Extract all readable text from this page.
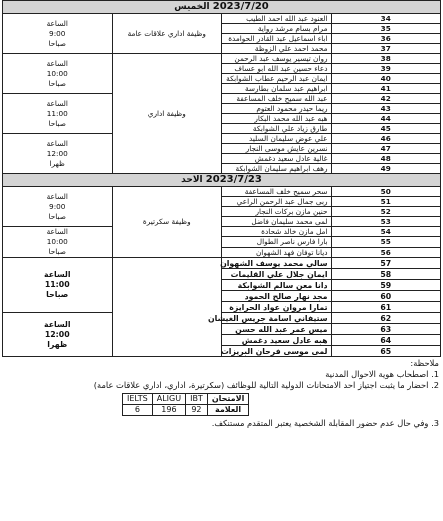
2023/7/20 الخميس			
34	العنود عبد الله احمد الطيب	وظيفة اداري علاقات عامة	الساعة
9:00
صباحا

35	مرام بسام مرشد رواية		
36	اباء اسماعيل عبد القادر الحوامدة		
37	محمد احمد علي الزوظة		
38	روان تيسير يوسف عبد الرحمن	وظيفة اداري	الساعة
10:00
صباحا

39	دعاء حسين عبد الله ابو عساف		
40	ايمان عبد الرحيم عطاب الشوابكة		
41	ابراهيم عبد سلمان بطارسة		
42	عبد الله سميح خلف المساعفة		الساعة
11:00
صباحا

43	ريما حيدر محمود العتوم		
44	هبه عبد الله محمد البكار		
45	طارق زياد علي الشوابكة		
46	علي عوض سليمان السليد		الساعة
12:00
ظهرا

47	نسرين عايش موسى النجار		
48	غالية عادل سعيد دغمش		
49	رهف ابراهيم سليمان الشوابكة		
2023/7/23 الاحد			
50	سحر سميح خلف المساعفة	وظيفة سكرتيرة	الساعة
9:00
صباحا

51	ربى جمال عبد الرحمن الراعي		
52	حنين مازن بركات النجار		
53	لمى محمد سليمان فاضل		
54	امل مازن خالد شحادة		الساعة
10:00
صباحا

55	بارا فارس ناصر الطوال		
56	ديانا توفان فهد الشهوان		
57	سالي محمد يوسف الشهوان		الساعة
11:00
صباحا

58	ايمان جلال علي القليمات		
59	دانا معن سالم الشوابكة		
60	مجد نهار صالح الحمود		
61	تمارا مروان عواد الحرايزة		
62	ستيفاني اسامة جريس الغيشان		الساعة
12:00
ظهرا

63	ميس عمر عبد الله حسن		
64	هبه عادل سعيد دغمش		
65	لمى موسى فرحان البريزات		
ملاحظة:
1. اصطحاب هوية الاحوال المدنية
2. احضار ما يثبت اجتياز احد الامتحانات الدولية التالية للوظائف (سكرتيرة، اداري، اداري علاقات عامة)
الامتحان	IBT	ALIGU	IELTS
العلامة	92	196	6
3. وفي حال عدم حضور المقابلة الشخصية يعتبر المتقدم مستنكف.
